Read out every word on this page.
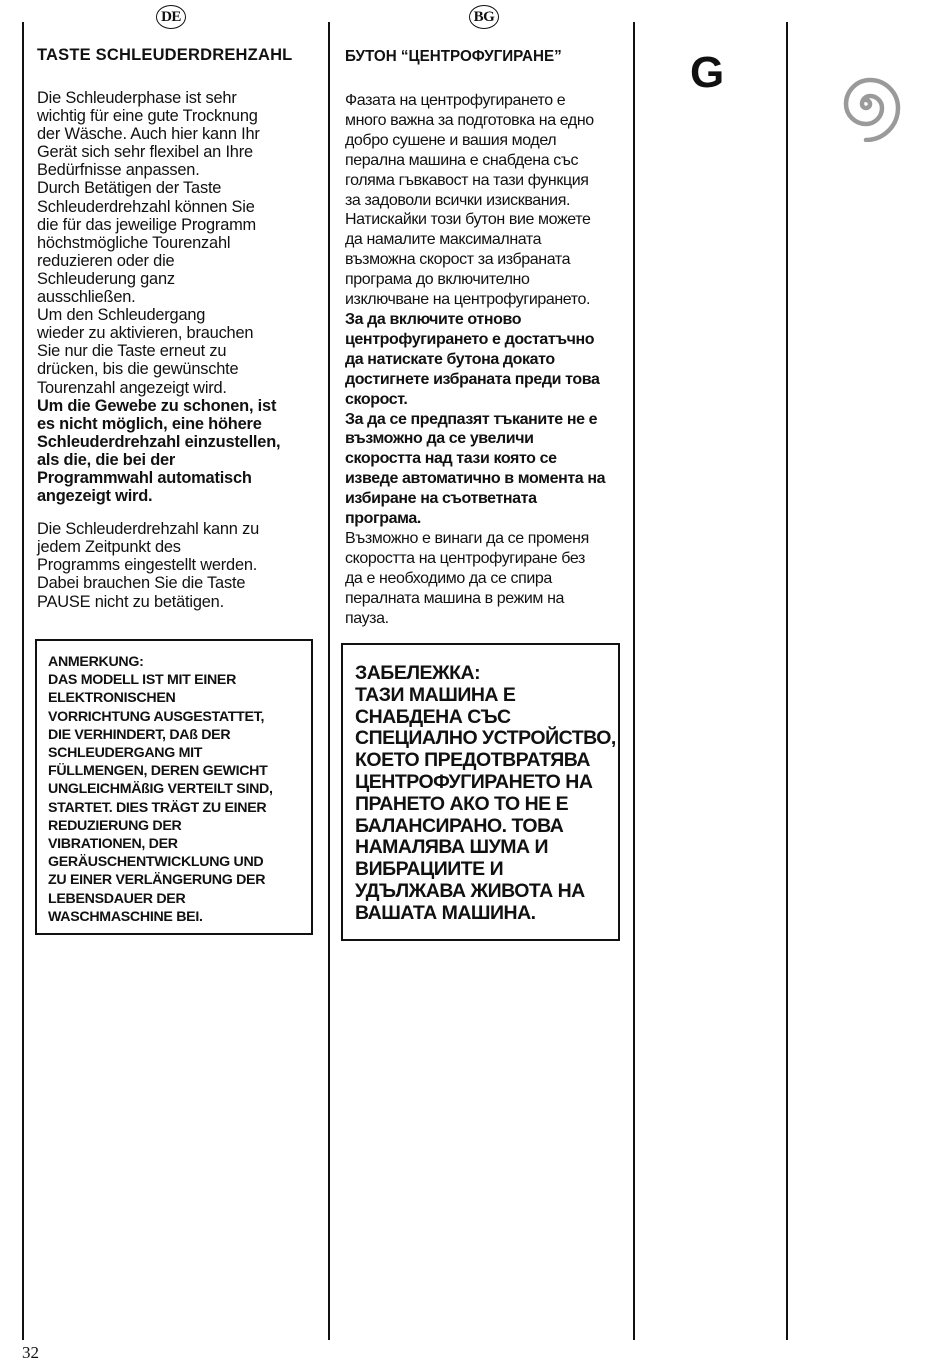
DE	BG
TASTE SCHLEUDERDREHZAHL
Die Schleuderphase ist sehr
wichtig für eine gute Trocknung
der Wäsche. Auch hier kann Ihr
Gerät sich sehr flexibel an Ihre
Bedürfnisse anpassen.
Durch Betätigen der Taste
Schleuderdrehzahl können Sie
die für das jeweilige Programm
höchstmögliche Tourenzahl
reduzieren oder die
Schleuderung ganz
ausschließen.
Um den Schleudergang
wieder zu aktivieren, brauchen
Sie nur die Taste erneut zu
drücken, bis die gewünschte
Tourenzahl angezeigt wird.
Um die Gewebe zu schonen, ist
es nicht möglich, eine höhere
Schleuderdrehzahl einzustellen,
als die, die bei der
Programmwahl automatisch
angezeigt wird.
Die Schleuderdrehzahl kann zu
jedem Zeitpunkt des
Programms eingestellt werden.
Dabei brauchen Sie die Taste
PAUSE nicht zu betätigen.
БУТОН “ЦЕНТРОФУГИРАНЕ”
Фазата на центрофугирането е
много важна за подготовка на едно
добро сушене и вашия модел
перална машина е снабдена със
голяма гъвкавост на тази функция
за задоволи всички изисквания.
Натискайки този бутон вие можете
да намалите максималната
възможна скорост за избраната
програма до включително
изключване на центрофугирането.
За да включите отново
центрофугирането е достатъчно
да натискате бутона докато
достигнете избраната преди това
скорост.
За да се предпазят тъканите не е
възможно да се увеличи
скоростта над тази която се
изведе автоматично в момента на
избиране на съответната
програма.
Възможно е винаги да се променя
скоростта на центрофугиране без
да е необходимо да се спира
пералната машина в режим на
пауза.
ANMERKUNG:
DAS MODELL IST MIT EINER
ELEKTRONISCHEN
VORRICHTUNG AUSGESTATTET,
DIE VERHINDERT, DAß DER
SCHLEUDERGANG MIT
FÜLLMENGEN, DEREN GEWICHT
UNGLEICHMÄßIG VERTEILT SIND,
STARTET. DIES TRÄGT ZU EINER
REDUZIERUNG DER
VIBRATIONEN, DER
GERÄUSCHENTWICKLUNG UND
ZU EINER VERLÄNGERUNG DER
LEBENSDAUER DER
WASCHMASCHINE BEI.
ЗАБЕЛЕЖКА:
ТАЗИ МАШИНА Е
СНАБДЕНА СЪС
СПЕЦИАЛНО УСТРОЙСТВО,
КОЕТО ПРЕДОТВРАТЯВА
ЦЕНТРОФУГИРАНЕТО НА
ПРАНЕТО АКО ТО НЕ Е
БАЛАНСИРАНО. ТОВА
НАМАЛЯВА ШУМА И
ВИБРАЦИИТЕ И
УДЪЛЖАВА ЖИВОТА НА
ВАШАТА МАШИНА.
G
32
